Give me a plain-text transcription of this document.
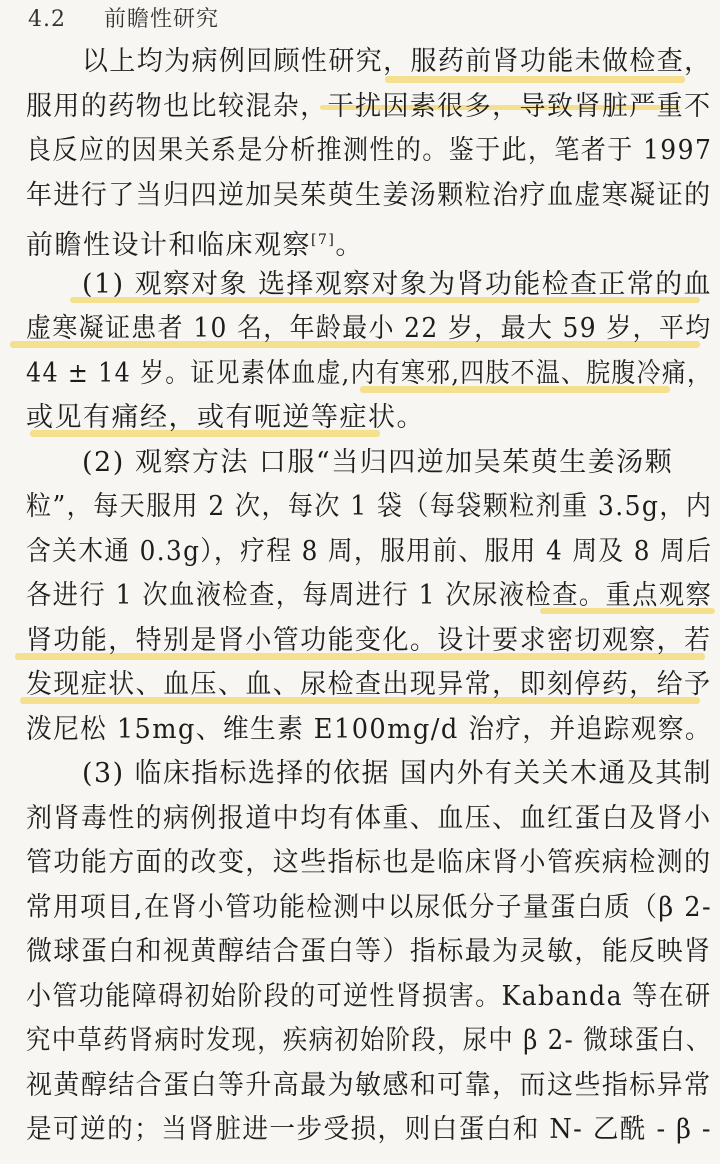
4.2 前瞻性研究
以上均为病例回顾性研究，服药前肾功能未做检查，
服用的药物也比较混杂，干扰因素很多，导致肾脏严重不
良反应的因果关系是分析推测性的。鉴于此，笔者于 1997
年进行了当归四逆加吴茱萸生姜汤颗粒治疗血虚寒凝证的
前瞻性设计和临床观察[7]。
(1) 观察对象 选择观察对象为肾功能检查正常的血
虚寒凝证患者 10 名，年龄最小 22 岁，最大 59 岁，平均
44 ± 14 岁。证见素体血虚,内有寒邪,四肢不温、脘腹冷痛，
或见有痛经，或有呃逆等症状。
(2) 观察方法 口服“当归四逆加吴茱萸生姜汤颗
粒”，每天服用 2 次，每次 1 袋（每袋颗粒剂重 3.5g，内
含关木通 0.3g），疗程 8 周，服用前、服用 4 周及 8 周后
各进行 1 次血液检查，每周进行 1 次尿液检查。重点观察
肾功能，特别是肾小管功能变化。设计要求密切观察，若
发现症状、血压、血、尿检查出现异常，即刻停药，给予
泼尼松 15mg、维生素 E100mg/d 治疗，并追踪观察。
(3) 临床指标选择的依据 国内外有关关木通及其制
剂肾毒性的病例报道中均有体重、血压、血红蛋白及肾小
管功能方面的改变，这些指标也是临床肾小管疾病检测的
常用项目,在肾小管功能检测中以尿低分子量蛋白质（β 2-
微球蛋白和视黄醇结合蛋白等）指标最为灵敏，能反映肾
小管功能障碍初始阶段的可逆性肾损害。Kabanda 等在研
究中草药肾病时发现，疾病初始阶段，尿中 β 2- 微球蛋白、
视黄醇结合蛋白等升高最为敏感和可靠，而这些指标异常
是可逆的；当肾脏进一步受损，则白蛋白和 N- 乙酰 - β -
